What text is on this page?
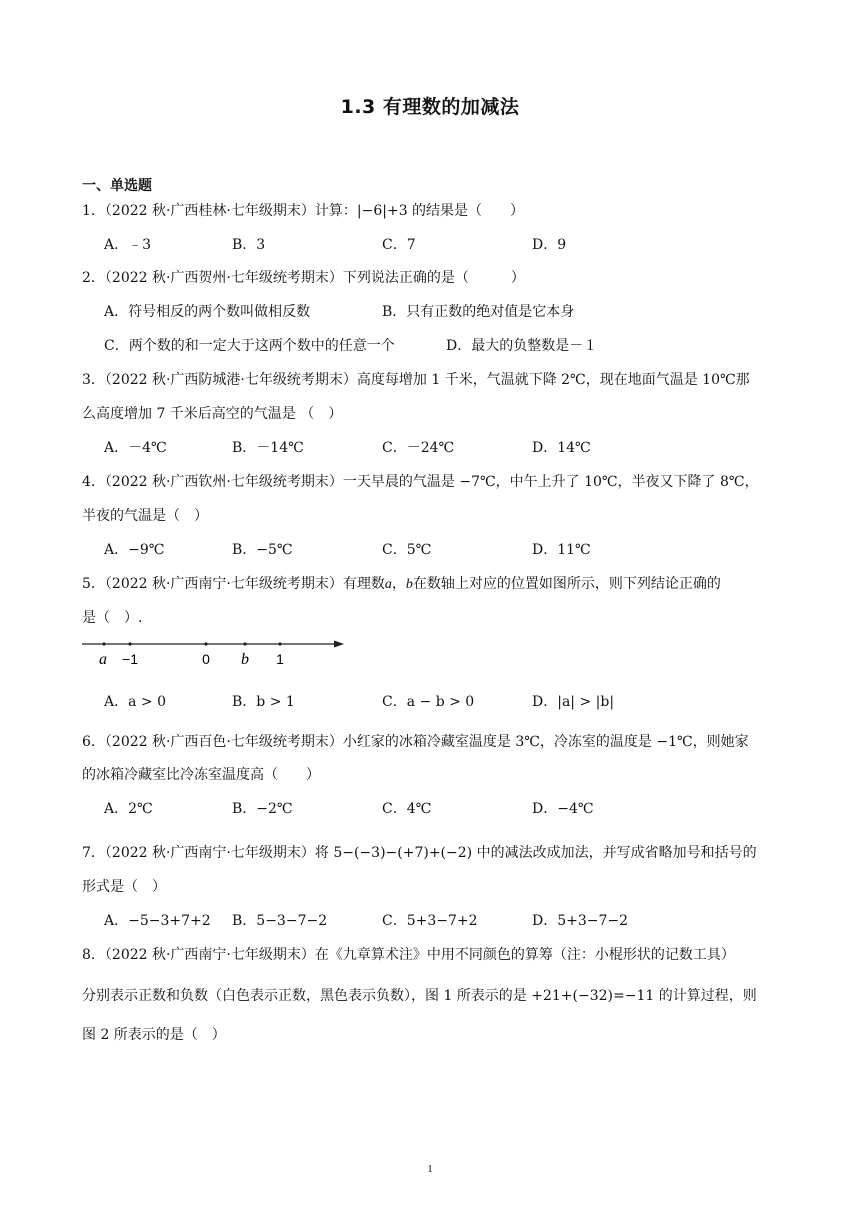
1.3 有理数的加减法
一、单选题
1．（2022 秋·广西桂林·七年级期末）计算：|−6|+3 的结果是（　　）
A．﹣3	B．3	C．7	D．9
2．（2022 秋·广西贺州·七年级统考期末）下列说法正确的是（　　　）
A．符号相反的两个数叫做相反数	B．只有正数的绝对值是它本身
C．两个数的和一定大于这两个数中的任意一个	D．最大的负整数是－１
3．（2022 秋·广西防城港·七年级统考期末）高度每增加 1 千米，气温就下降 2℃，现在地面气温是 10℃那
么高度增加 7 千米后高空的气温是 （　）
A．－4℃	B．－14℃	C．－24℃	D．14℃
4．（2022 秋·广西钦州·七年级统考期末）一天早晨的气温是 −7℃，中午上升了 10℃，半夜又下降了 8℃，
半夜的气温是（　）
A．−9℃	B．−5℃	C．5℃	D．11℃
5．（2022 秋·广西南宁·七年级统考期末）有理数a，b在数轴上对应的位置如图所示，则下列结论正确的
是（　）.
a −1	0 b 1
A．a > 0	B．b > 1	C．a − b > 0	D．|a| > |b|
6．（2022 秋·广西百色·七年级统考期末）小红家的冰箱冷藏室温度是 3℃，冷冻室的温度是 −1℃，则她家
的冰箱冷藏室比冷冻室温度高（　　）
A．2℃	B．−2℃	C．4℃	D．−4℃
7．（2022 秋·广西南宁·七年级期末）将 5−(−3)−(+7)+(−2) 中的减法改成加法，并写成省略加号和括号的
形式是（　）
A．−5−3+7+2 B．5−3−7−2	C．5+3−7+2	D．5+3−7−2
8．（2022 秋·广西南宁·七年级期末）在《九章算术注》中用不同颜色的算筹（注：小棍形状的记数工具）
分别表示正数和负数（白色表示正数，黑色表示负数），图 1 所表示的是 +21+(−32)=−11 的计算过程，则
图 2 所表示的是（　）
1
